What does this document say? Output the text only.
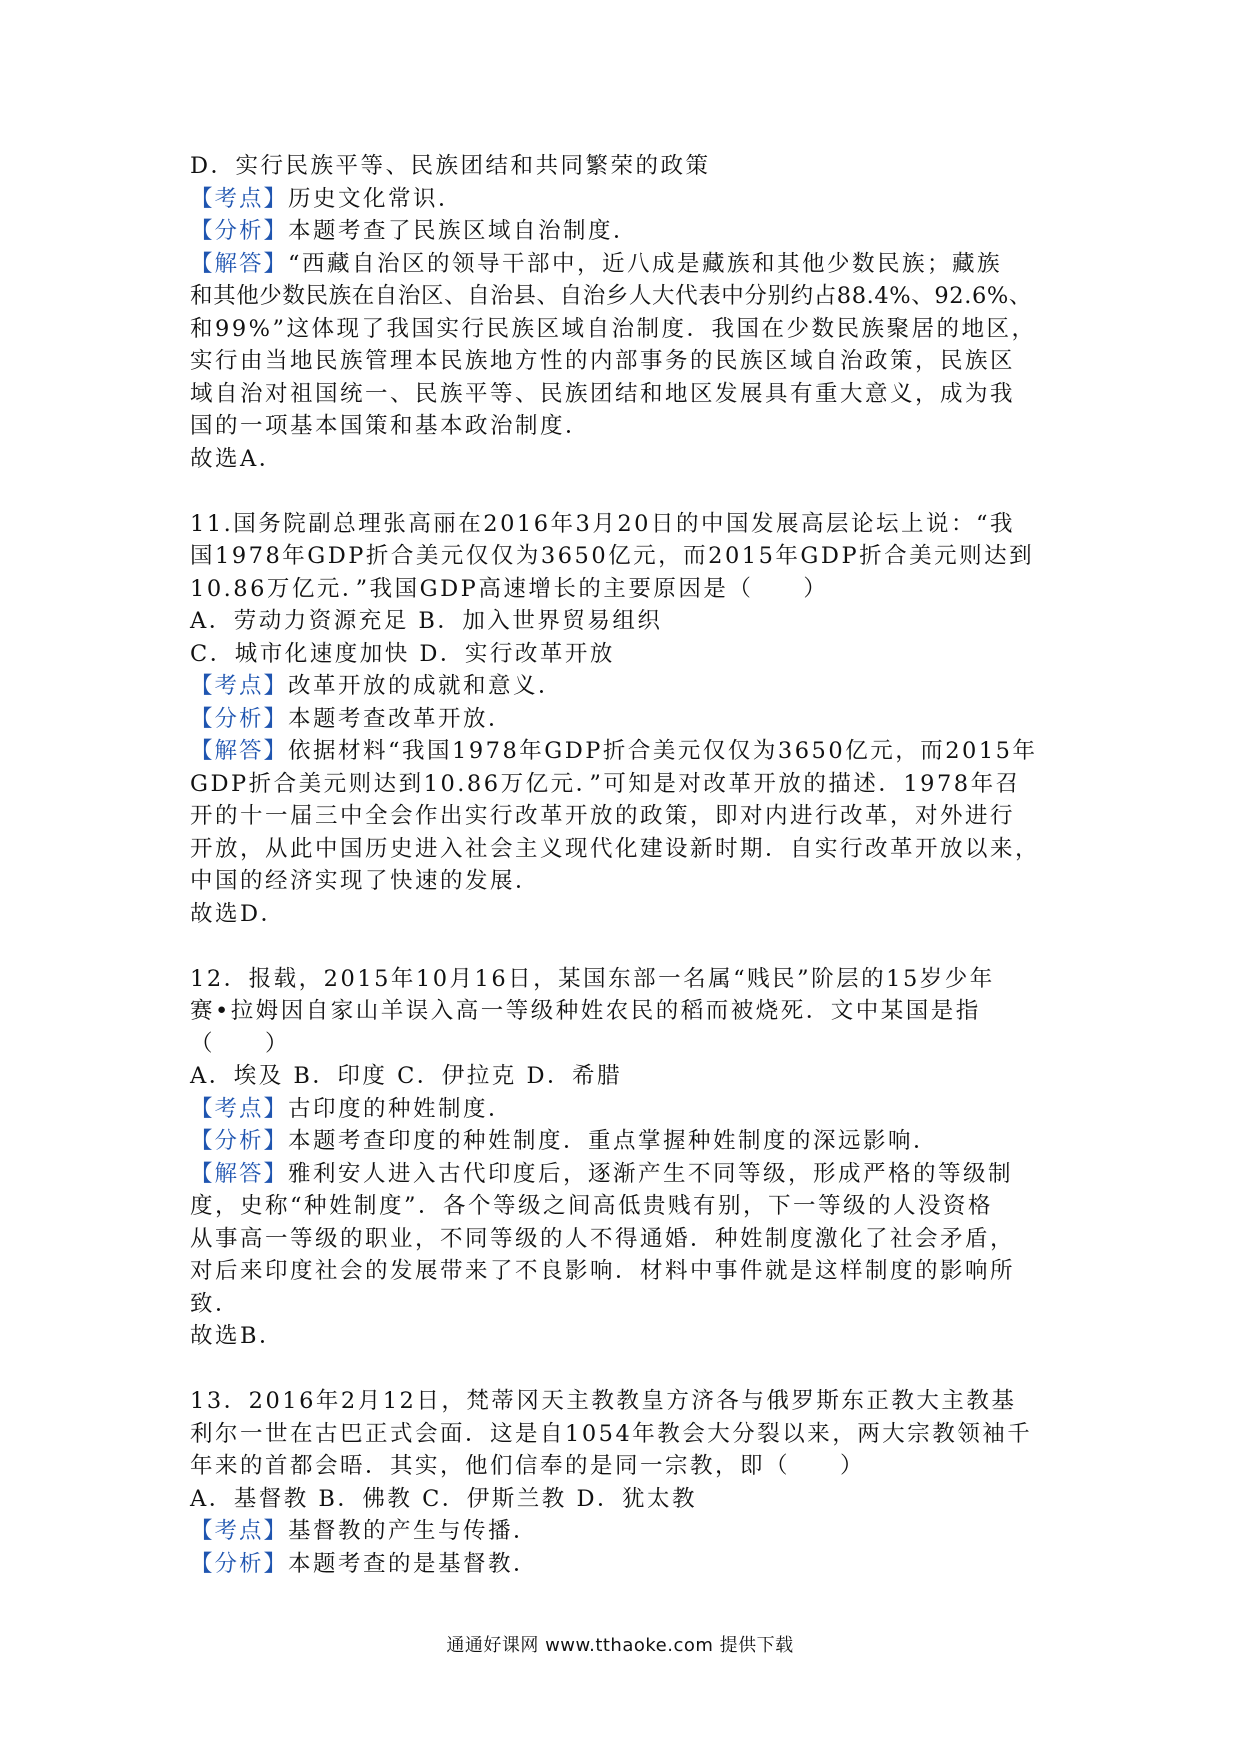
D．实行民族平等、民族团结和共同繁荣的政策
【考点】历史文化常识．
【分析】本题考查了民族区域自治制度．
【解答】“西藏自治区的领导干部中，近八成是藏族和其他少数民族；藏族
和其他少数民族在自治区、自治县、自治乡人大代表中分别约占88.4%、92.6%、
和99%”这体现了我国实行民族区域自治制度．我国在少数民族聚居的地区，
实行由当地民族管理本民族地方性的内部事务的民族区域自治政策，民族区
域自治对祖国统一、民族平等、民族团结和地区发展具有重大意义，成为我
国的一项基本国策和基本政治制度．
故选A．
11.国务院副总理张高丽在2016年3月20日的中国发展高层论坛上说：“我
国1978年GDP折合美元仅仅为3650亿元，而2015年GDP折合美元则达到
10.86万亿元．”我国GDP高速增长的主要原因是（　　）
A．劳动力资源充足 B．加入世界贸易组织
C．城市化速度加快 D．实行改革开放
【考点】改革开放的成就和意义．
【分析】本题考查改革开放．
【解答】依据材料“我国1978年GDP折合美元仅仅为3650亿元，而2015年
GDP折合美元则达到10.86万亿元．”可知是对改革开放的描述．1978年召
开的十一届三中全会作出实行改革开放的政策，即对内进行改革，对外进行
开放，从此中国历史进入社会主义现代化建设新时期．自实行改革开放以来，
中国的经济实现了快速的发展．
故选D．
12．报载，2015年10月16日，某国东部一名属“贱民”阶层的15岁少年
赛•拉姆因自家山羊误入高一等级种姓农民的稻而被烧死．文中某国是指
（　　）
A．埃及 B．印度 C．伊拉克 D．希腊
【考点】古印度的种姓制度．
【分析】本题考查印度的种姓制度．重点掌握种姓制度的深远影响．
【解答】雅利安人进入古代印度后，逐渐产生不同等级，形成严格的等级制
度，史称“种姓制度”．各个等级之间高低贵贱有别，下一等级的人没资格
从事高一等级的职业，不同等级的人不得通婚．种姓制度激化了社会矛盾，
对后来印度社会的发展带来了不良影响．材料中事件就是这样制度的影响所
致．
故选B．
13．2016年2月12日，梵蒂冈天主教教皇方济各与俄罗斯东正教大主教基
利尔一世在古巴正式会面．这是自1054年教会大分裂以来，两大宗教领袖千
年来的首都会晤．其实，他们信奉的是同一宗教，即（　　）
A．基督教 B．佛教 C．伊斯兰教 D．犹太教
【考点】基督教的产生与传播．
【分析】本题考查的是基督教．
通通好课网 www.tthaoke.com 提供下载
